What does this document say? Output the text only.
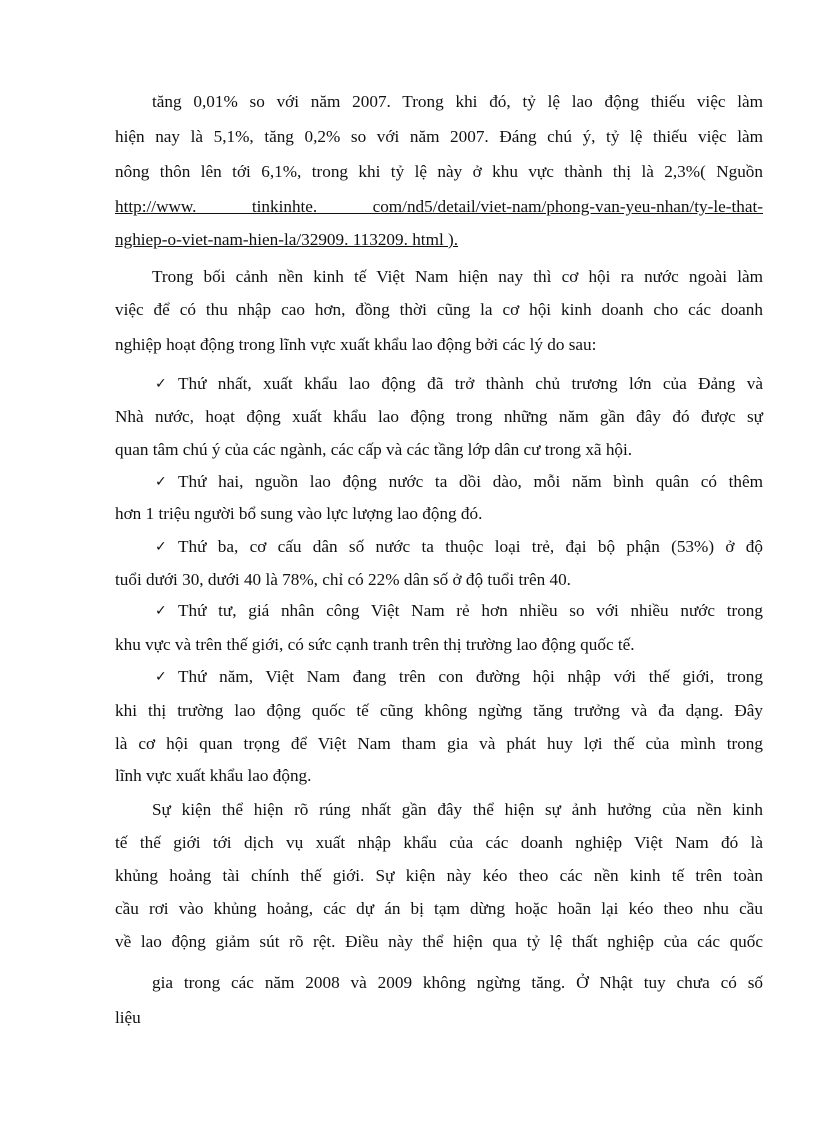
tăng 0,01% so với năm 2007. Trong khi đó, tỷ lệ lao động thiếu việc làm
hiện nay là 5,1%, tăng 0,2% so với năm 2007. Đáng chú ý, tỷ lệ thiếu việc làm
nông thôn lên tới 6,1%, trong khi tỷ lệ này ở khu vực thành thị là 2,3%( Nguồn
http://www. tinkinhte. com/nd5/detail/viet-nam/phong-van-yeu-nhan/ty-le-that-
nghiep-o-viet-nam-hien-la/32909. 113209. html ).
Trong bối cảnh nền kinh tế Việt Nam hiện nay thì cơ hội ra nước ngoài làm
việc để có thu nhập cao hơn, đồng thời cũng la cơ hội kinh doanh cho các doanh
nghiệp hoạt động trong lĩnh vực xuất khẩu lao động bởi các lý do sau:
✓ Thứ nhất, xuất khẩu lao động đã trở thành chủ trương lớn của Đảng và
Nhà nước, hoạt động xuất khẩu lao động trong những năm gần đây đó được sự
quan tâm chú ý của các ngành, các cấp và các tầng lớp dân cư trong xã hội.
✓ Thứ hai, nguồn lao động nước ta dồi dào, mỗi năm bình quân có thêm
hơn 1 triệu người bổ sung vào lực lượng lao động đó.
✓ Thứ ba, cơ cấu dân số nước ta thuộc loại trẻ, đại bộ phận (53%) ở độ
tuổi dưới 30, dưới 40 là 78%, chỉ có 22% dân số ở độ tuổi trên 40.
✓ Thứ tư, giá nhân công Việt Nam rẻ hơn nhiều so với nhiều nước trong
khu vực và trên thế giới, có sức cạnh tranh trên thị trường lao động quốc tế.
✓ Thứ năm, Việt Nam đang trên con đường hội nhập với thế giới, trong
khi thị trường lao động quốc tế cũng không ngừng tăng trưởng và đa dạng. Đây
là cơ hội quan trọng để Việt Nam tham gia và phát huy lợi thế của mình trong
lĩnh vực xuất khẩu lao động.
Sự kiện thể hiện rõ rúng nhất gần đây thể hiện sự ảnh hưởng của nền kinh
tế thế giới tới dịch vụ xuất nhập khẩu của các doanh nghiệp Việt Nam đó là
khủng hoảng tài chính thế giới. Sự kiện này kéo theo các nền kinh tế trên toàn
cầu rơi vào khủng hoảng, các dự án bị tạm dừng hoặc hoãn lại kéo theo nhu cầu
về lao động giảm sút rõ rệt. Điều này thể hiện qua tỷ lệ thất nghiệp của các quốc
gia trong các năm 2008 và 2009 không ngừng tăng. Ở Nhật tuy chưa có số
liệu
